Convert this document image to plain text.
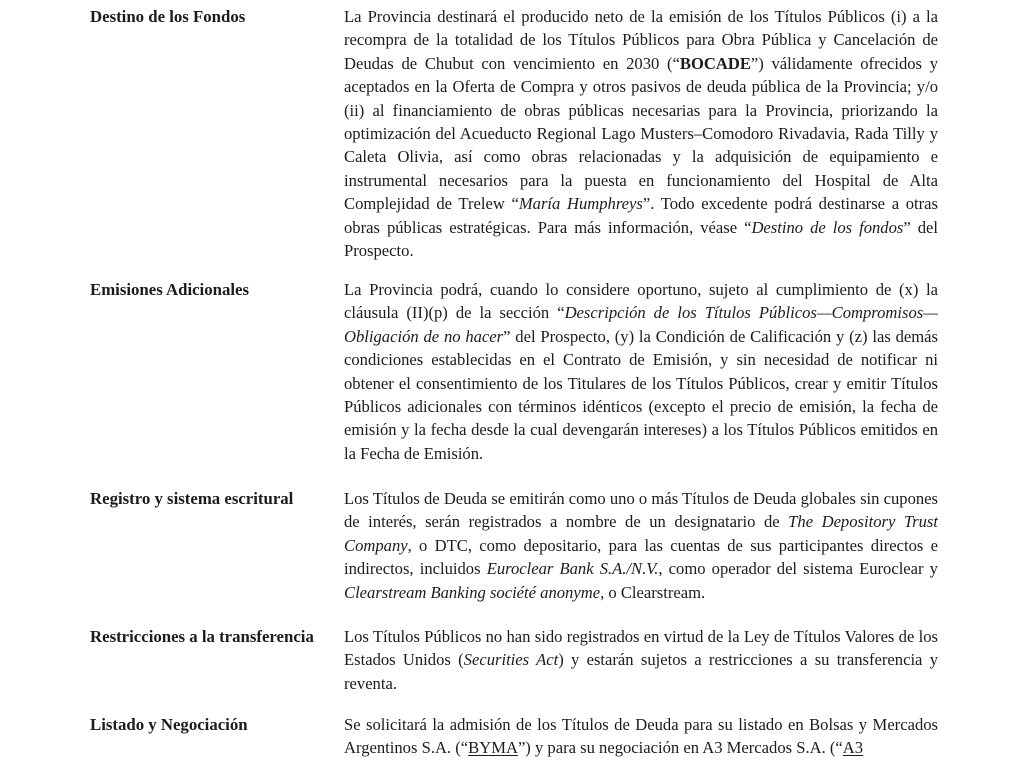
Destino de los Fondos	La Provincia destinará el producido neto de la emisión de los Títulos Públicos (i) a la recompra de la totalidad de los Títulos Públicos para Obra Pública y Cancelación de Deudas de Chubut con vencimiento en 2030 (“BOCADE”) válidamente ofrecidos y aceptados en la Oferta de Compra y otros pasivos de deuda pública de la Provincia; y/o (ii) al financiamiento de obras públicas necesarias para la Provincia, priorizando la optimización del Acueducto Regional Lago Musters–Comodoro Rivadavia, Rada Tilly y Caleta Olivia, así como obras relacionadas y la adquisición de equipamiento e instrumental necesarios para la puesta en funcionamiento del Hospital de Alta Complejidad de Trelew “María Humphreys”. Todo excedente podrá destinarse a otras obras públicas estratégicas. Para más información, véase “Destino de los fondos” del Prospecto.
Emisiones Adicionales	La Provincia podrá, cuando lo considere oportuno, sujeto al cumplimiento de (x) la cláusula (II)(p) de la sección “Descripción de los Títulos Públicos—Compromisos—Obligación de no hacer” del Prospecto, (y) la Condición de Calificación y (z) las demás condiciones establecidas en el Contrato de Emisión, y sin necesidad de notificar ni obtener el consentimiento de los Titulares de los Títulos Públicos, crear y emitir Títulos Públicos adicionales con términos idénticos (excepto el precio de emisión, la fecha de emisión y la fecha desde la cual devengarán intereses) a los Títulos Públicos emitidos en la Fecha de Emisión.
Registro y sistema escritural	Los Títulos de Deuda se emitirán como uno o más Títulos de Deuda globales sin cupones de interés, serán registrados a nombre de un designatario de The Depository Trust Company, o DTC, como depositario, para las cuentas de sus participantes directos e indirectos, incluidos Euroclear Bank S.A./N.V., como operador del sistema Euroclear y Clearstream Banking société anonyme, o Clearstream.
Restricciones a la transferencia	Los Títulos Públicos no han sido registrados en virtud de la Ley de Títulos Valores de los Estados Unidos (Securities Act) y estarán sujetos a restricciones a su transferencia y reventa.
Listado y Negociación	Se solicitará la admisión de los Títulos de Deuda para su listado en Bolsas y Mercados Argentinos S.A. (“BYMA”) y para su negociación en A3 Mercados S.A. (“A3
